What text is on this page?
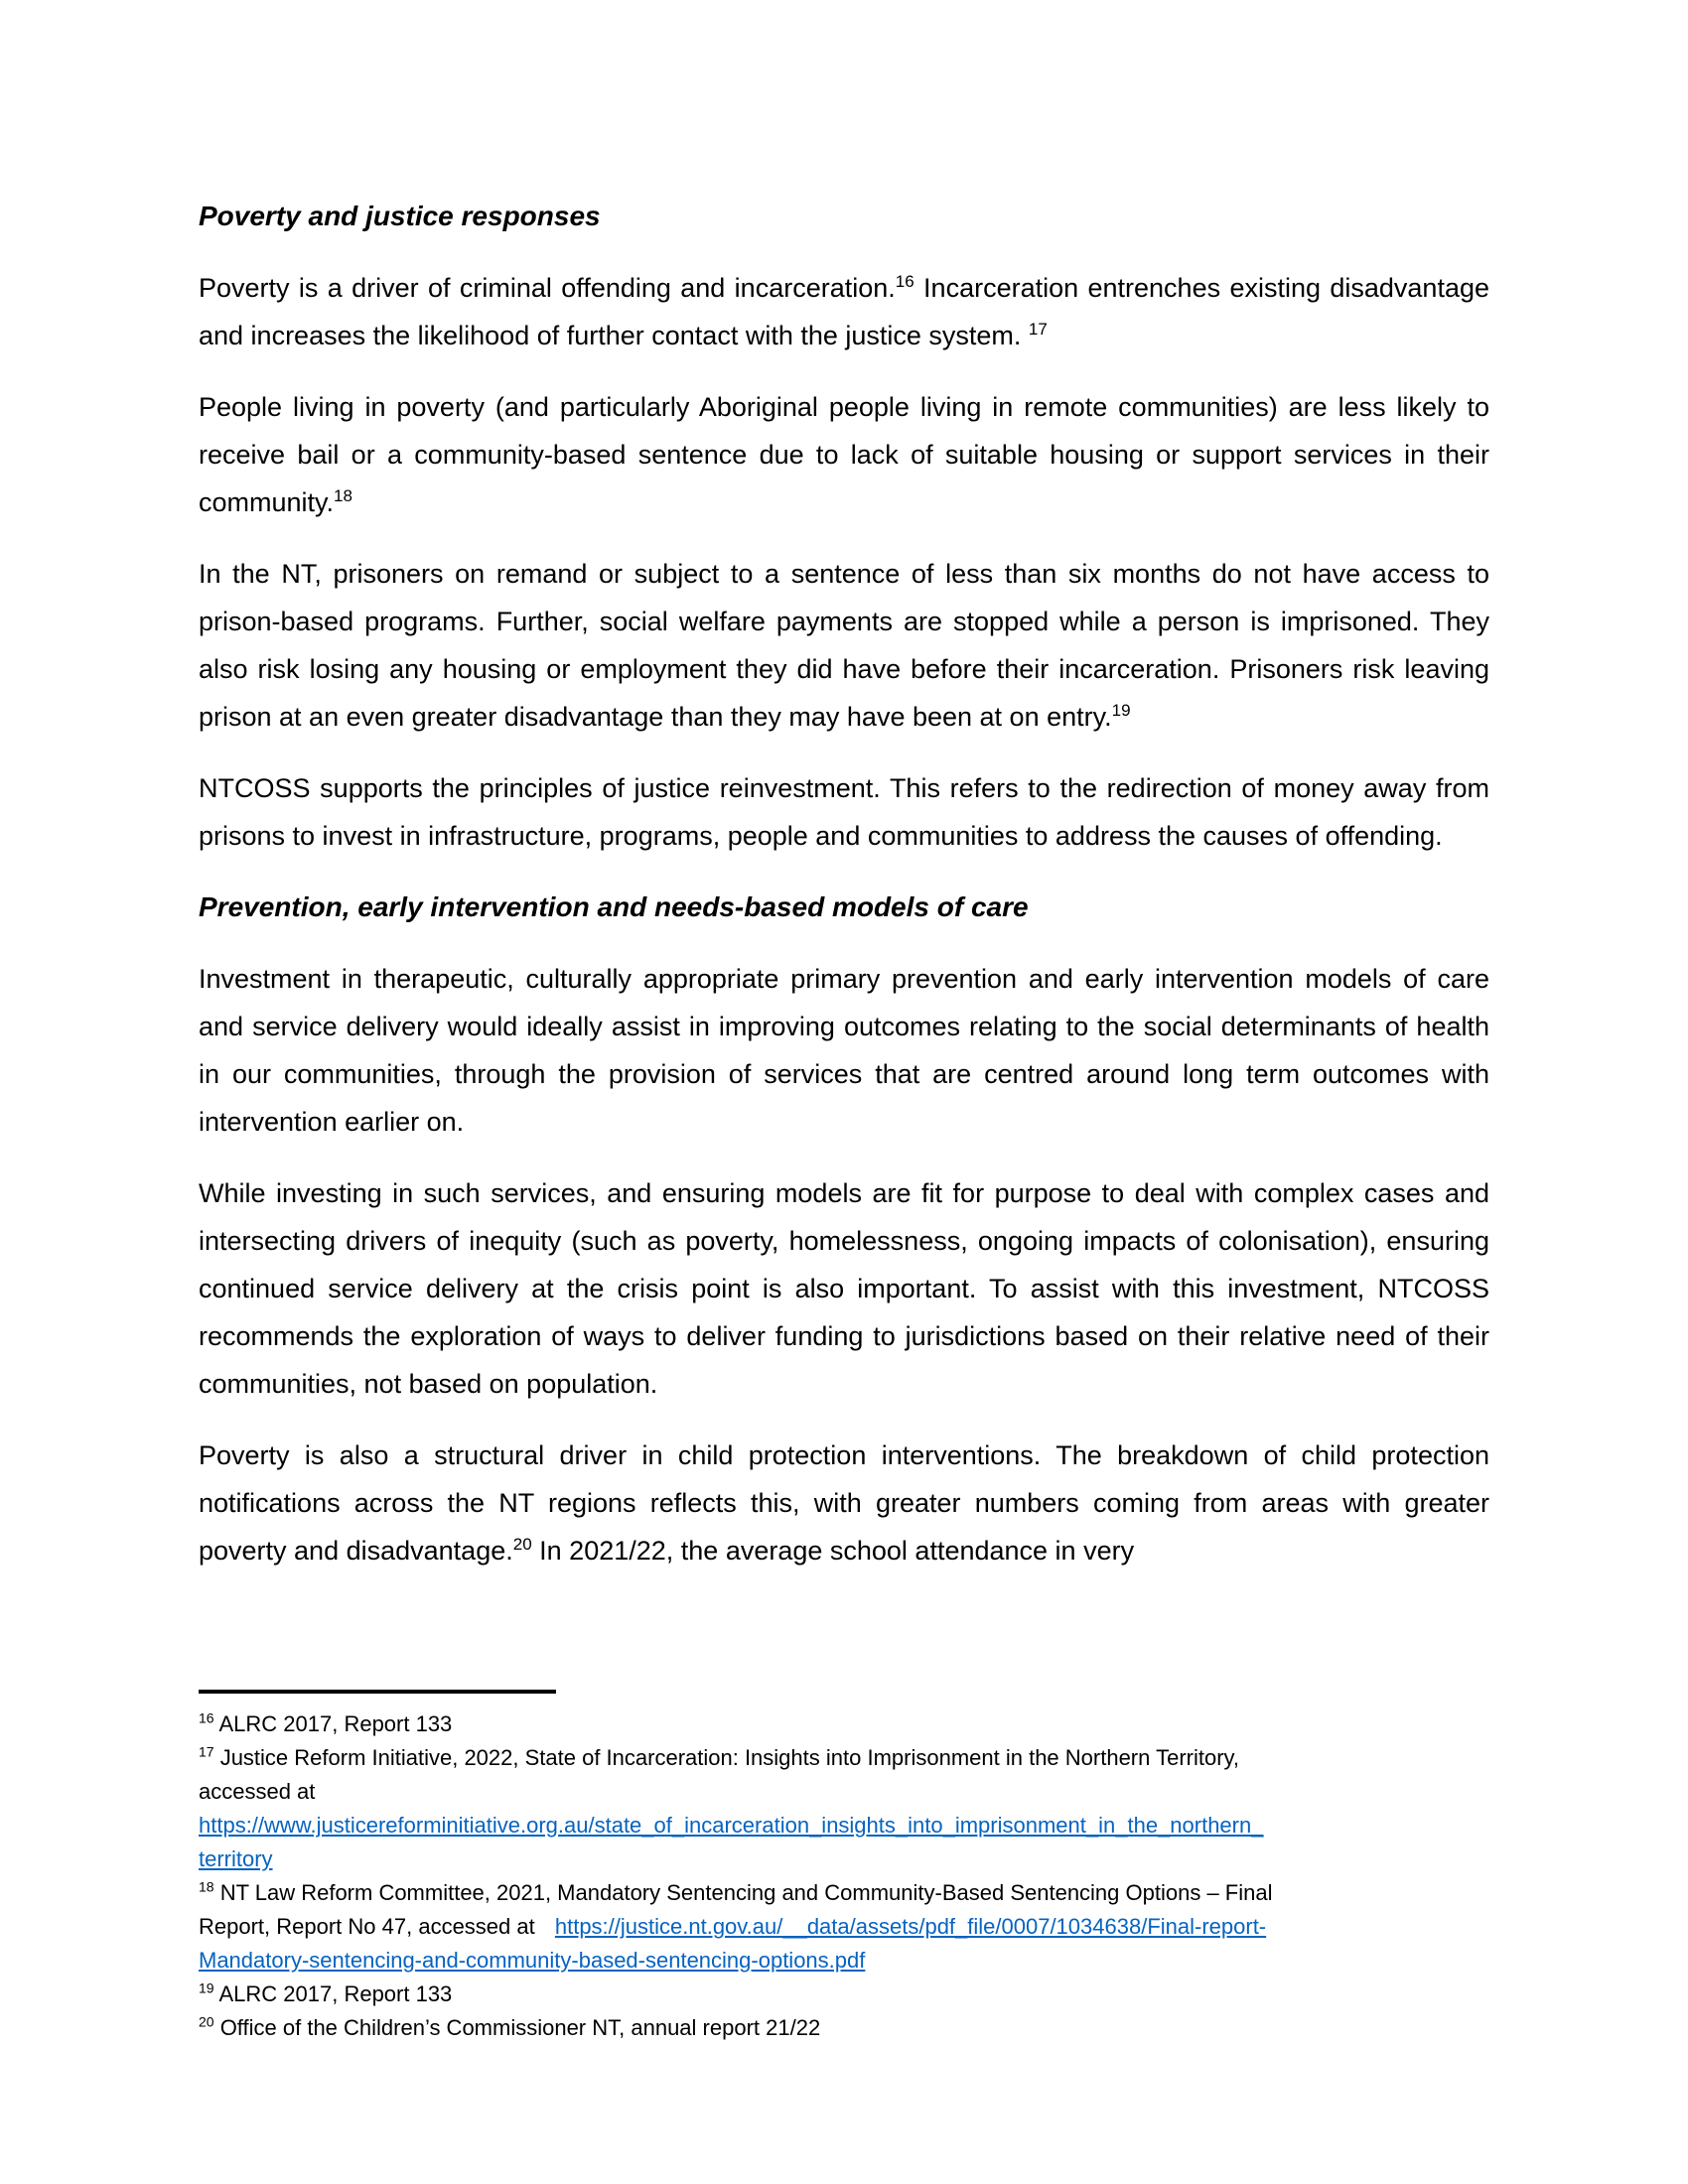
Poverty and justice responses

Poverty is a driver of criminal offending and incarceration.$^{16}$ Incarceration entrenches existing disadvantage and increases the likelihood of further contact with the justice system. $^{17}$

People living in poverty (and particularly Aboriginal people living in remote communities) are less likely to receive bail or a community-based sentence due to lack of suitable housing or support services in their community.$^{18}$

In the NT, prisoners on remand or subject to a sentence of less than six months do not have access to prison-based programs. Further, social welfare payments are stopped while a person is imprisoned. They also risk losing any housing or employment they did have before their incarceration. Prisoners risk leaving prison at an even greater disadvantage than they may have been at on entry.$^{19}$

NTCOSS supports the principles of justice reinvestment. This refers to the redirection of money away from prisons to invest in infrastructure, programs, people and communities to address the causes of offending.

Prevention, early intervention and needs-based models of care

Investment in therapeutic, culturally appropriate primary prevention and early intervention models of care and service delivery would ideally assist in improving outcomes relating to the social determinants of health in our communities, through the provision of services that are centred around long term outcomes with intervention earlier on.

While investing in such services, and ensuring models are fit for purpose to deal with complex cases and intersecting drivers of inequity (such as poverty, homelessness, ongoing impacts of colonisation), ensuring continued service delivery at the crisis point is also important. To assist with this investment, NTCOSS recommends the exploration of ways to deliver funding to jurisdictions based on their relative need of their communities, not based on population.

Poverty is also a structural driver in child protection interventions. The breakdown of child protection notifications across the NT regions reflects this, with greater numbers coming from areas with greater poverty and disadvantage.$^{20}$ In 2021/22, the average school attendance in very

$^{16}$ ALRC 2017, Report 133

$^{17}$ Justice Reform Initiative, 2022, State of Incarceration: Insights into Imprisonment in the Northern Territory,
accessed at
https://www.justicereforminitiative.org.au/state_of_incarceration_insights_into_imprisonment_in_the_northern_
territory

$^{18}$ NT Law Reform Committee, 2021, Mandatory Sentencing and Community-Based Sentencing Options – Final
Report, Report No 47, accessed at https://justice.nt.gov.au/__data/assets/pdf_file/0007/1034638/Final-report-
Mandatory-sentencing-and-community-based-sentencing-options.pdf

$^{19}$ ALRC 2017, Report 133

$^{20}$ Office of the Children’s Commissioner NT, annual report 21/22
